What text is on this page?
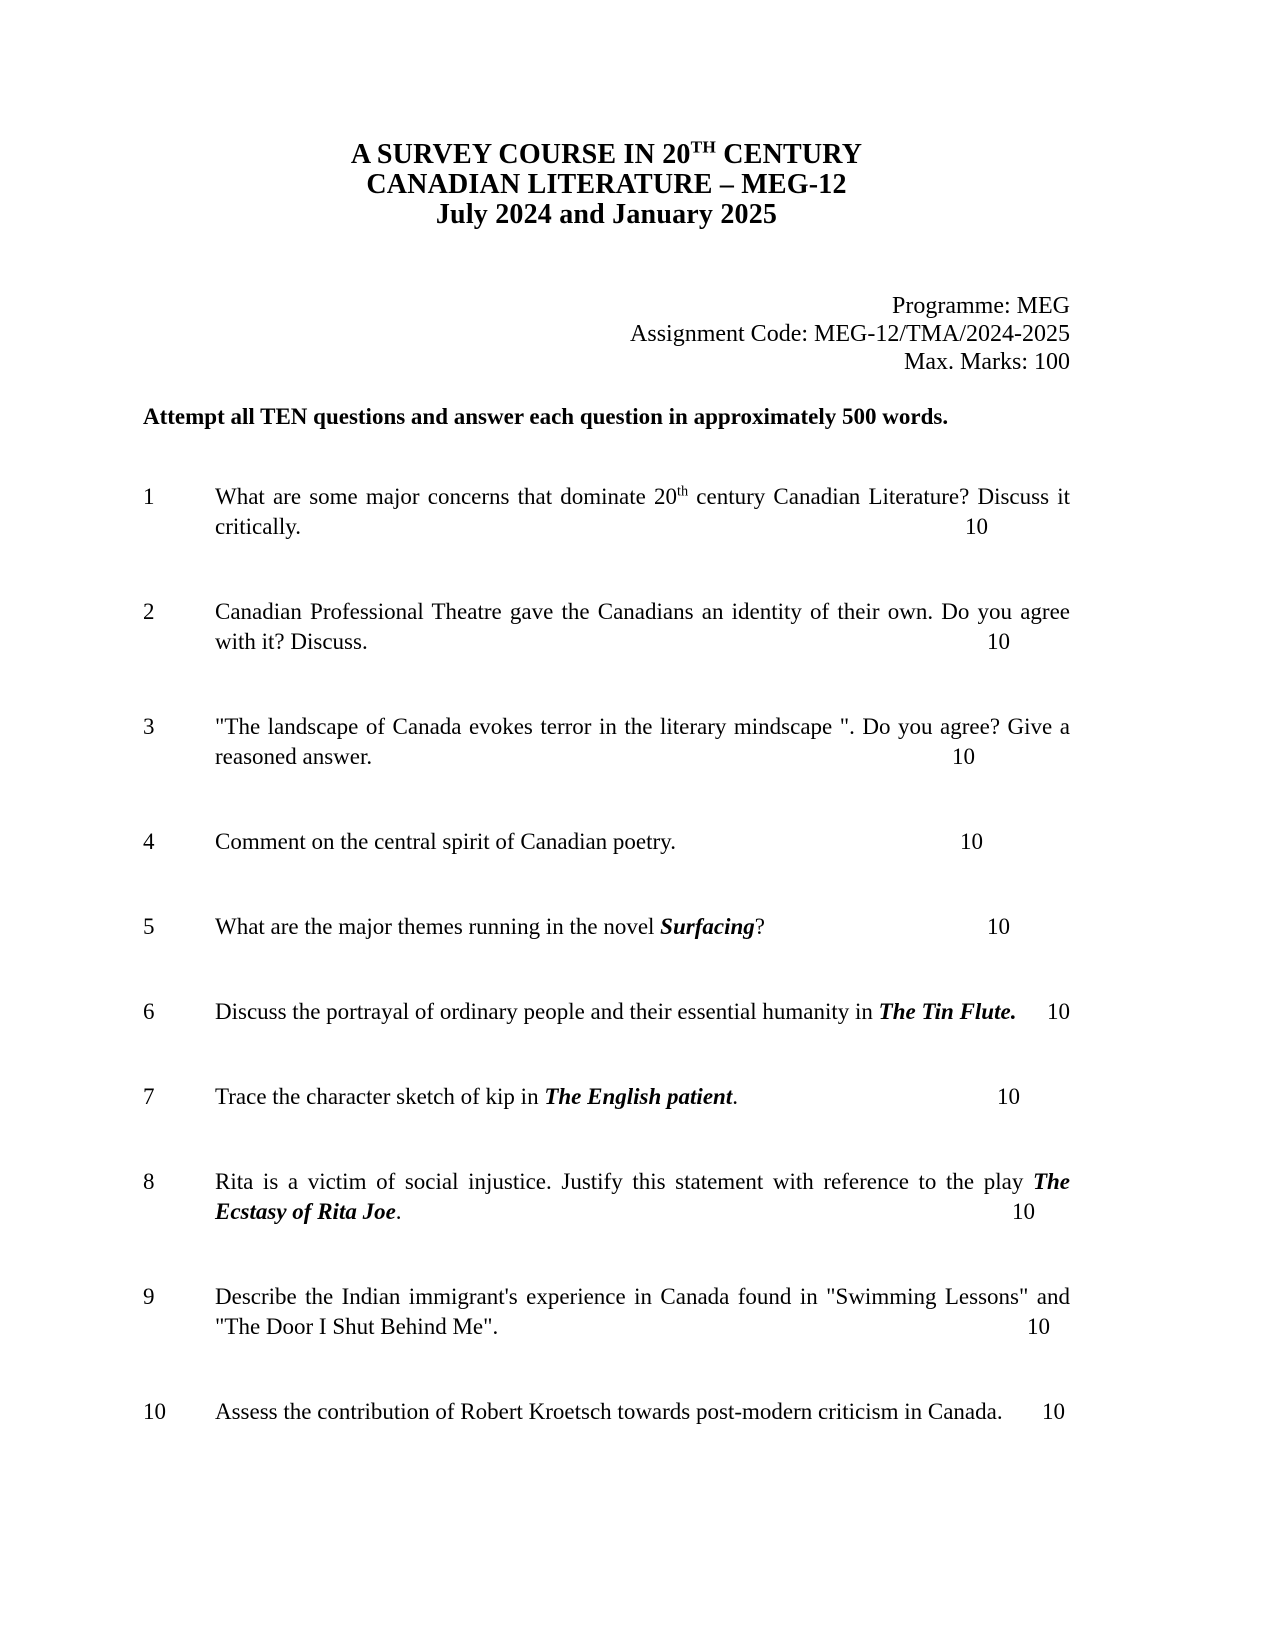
A SURVEY COURSE IN 20TH CENTURY
CANADIAN LITERATURE – MEG-12
July 2024 and January 2025
Programme: MEG
Assignment Code: MEG-12/TMA/2024-2025
Max. Marks: 100
Attempt all TEN questions and answer each question in approximately 500 words.
1	What are some major concerns that dominate 20th century Canadian Literature? Discuss it critically.	10
2	Canadian Professional Theatre gave the Canadians an identity of their own. Do you agree with it? Discuss.	10
3	"The landscape of Canada evokes terror in the literary mindscape ". Do you agree? Give a reasoned answer.	10
4	Comment on the central spirit of Canadian poetry.	10
5	What are the major themes running in the novel Surfacing?	10
6	Discuss the portrayal of ordinary people and their essential humanity in The Tin Flute. 10
7	Trace the character sketch of kip in The English patient.	10
8	Rita is a victim of social injustice. Justify this statement with reference to the play The Ecstasy of Rita Joe.	10
9	Describe the Indian immigrant's experience in Canada found in "Swimming Lessons" and "The Door I Shut Behind Me".	10
10	Assess the contribution of Robert Kroetsch towards post-modern criticism in Canada. 10
